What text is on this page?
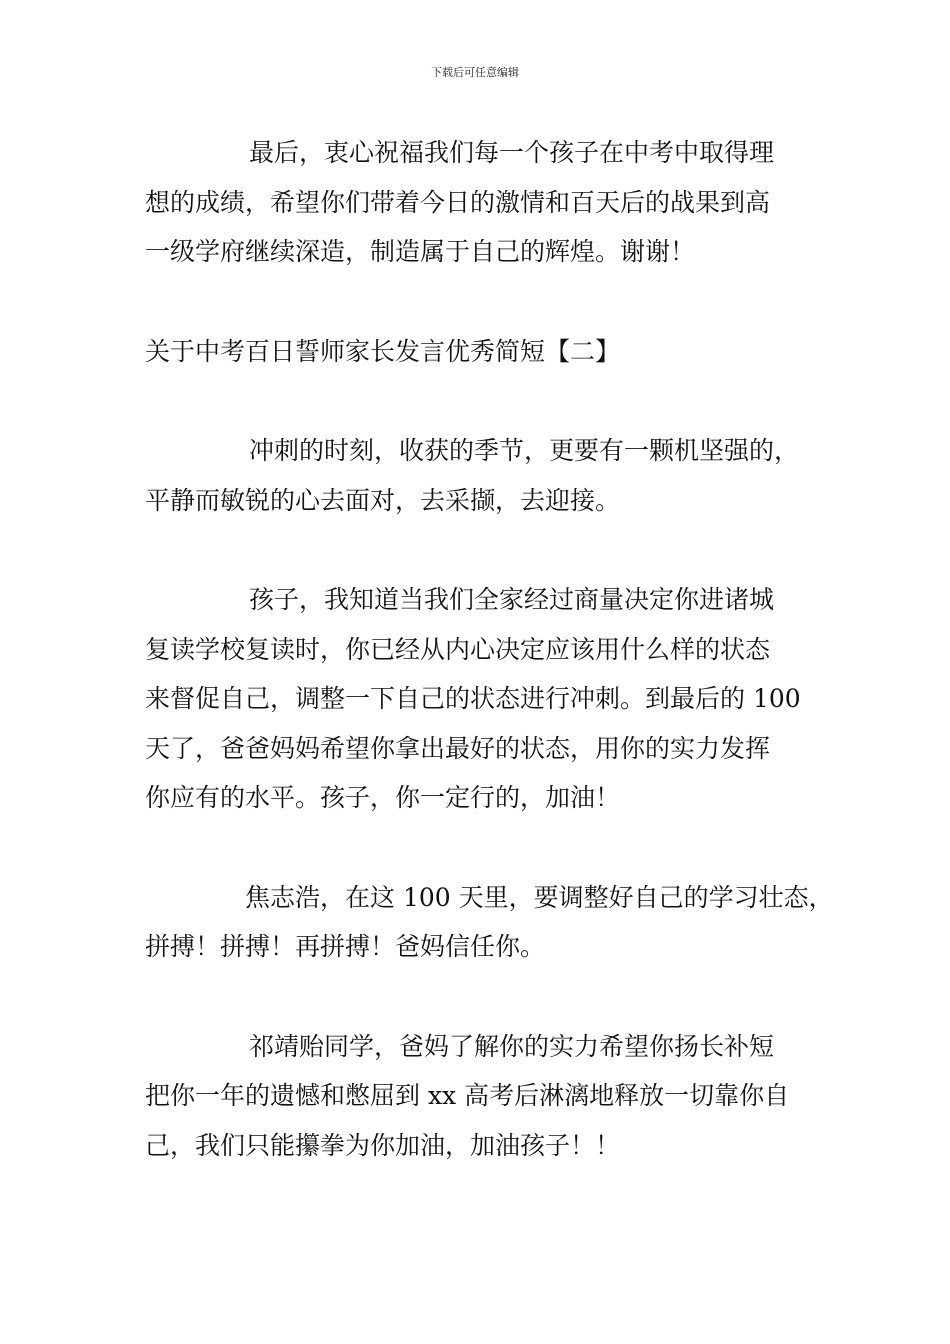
下载后可任意编辑

最后，衷心祝福我们每一个孩子在中考中取得理
想的成绩，希望你们带着今日的激情和百天后的战果到高
一级学府继续深造，制造属于自己的辉煌。谢谢！

关于中考百日誓师家长发言优秀简短【二】

冲刺的时刻，收获的季节，更要有一颗机坚强的，
平静而敏锐的心去面对，去采撷，去迎接。

孩子，我知道当我们全家经过商量决定你进诸城
复读学校复读时，你已经从内心决定应该用什么样的状态
来督促自己，调整一下自己的状态进行冲刺。到最后的 100
天了，爸爸妈妈希望你拿出最好的状态，用你的实力发挥
你应有的水平。孩子，你一定行的，加油！

焦志浩，在这 100 天里，要调整好自己的学习壮态，
拼搏！拼搏！再拼搏！爸妈信任你。

祁靖贻同学，爸妈了解你的实力希望你扬长补短
把你一年的遗憾和憋屈到 xx 高考后淋漓地释放一切靠你自
己，我们只能攥拳为你加油，加油孩子！！
